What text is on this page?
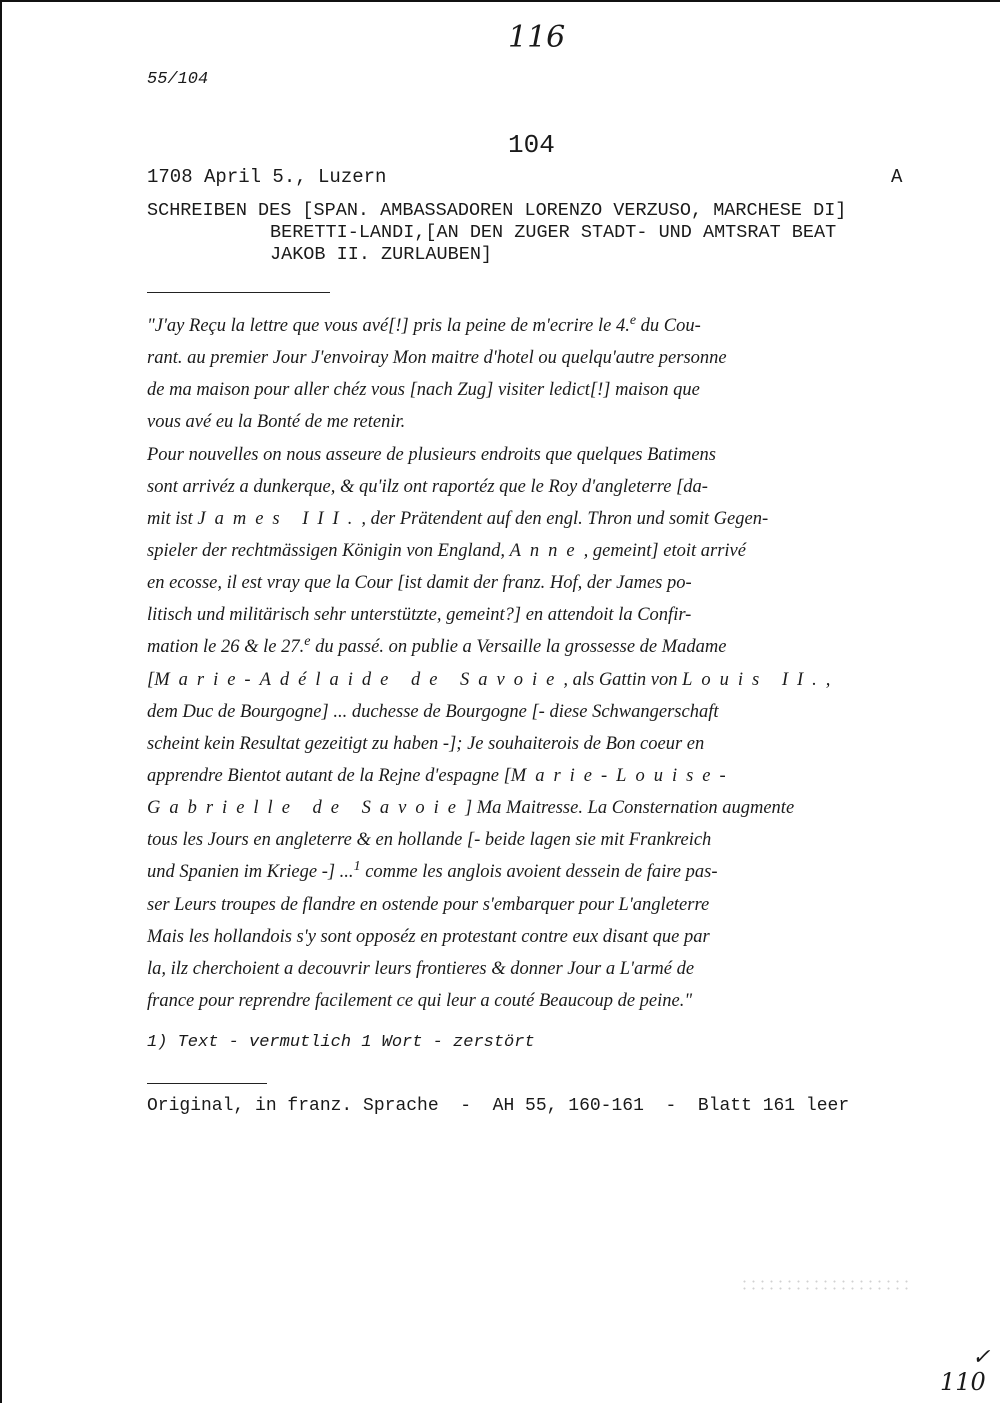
116
55/104
104
1708 April 5., Luzern	A
SCHREIBEN DES [SPAN. AMBASSADOREN LORENZO VERZUSO, MARCHESE DI]
BERETTI-LANDI,[AN DEN ZUGER STADT- UND AMTSRAT BEAT
JAKOB II. ZURLAUBEN]
"J'ay Reçu la lettre que vous avé[!] pris la peine de m'ecrire le 4.$^e$ du Cou-
rant. au premier Jour J'envoiray Mon maitre d'hotel ou quelqu'autre personne
de ma maison pour aller chéz vous [nach Zug] visiter ledict[!] maison que
vous avé eu la Bonté de me retenir.
Pour nouvelles on nous asseure de plusieurs endroits que quelques Batimens
sont arrivéz a dunkerque, & qu'ilz ont raportéz que le Roy d'angleterre [da-
mit ist James III., der Prätendent auf den engl. Thron und somit Gegen-
spieler der rechtmässigen Königin von England, Anne, gemeint] etoit arrivé
en ecosse, il est vray que la Cour [ist damit der franz. Hof, der James po-
litisch und militärisch sehr unterstützte, gemeint?] en attendoit la Confir-
mation le 26 & le 27.$^e$ du passé. on publie a Versaille la grossesse de Madame
[Marie-Adélaide de Savoie, als Gattin von Louis II.,
dem Duc de Bourgogne] ... duchesse de Bourgogne [- diese Schwangerschaft
scheint kein Resultat gezeitigt zu haben -]; Je souhaiterois de Bon coeur en
apprendre Bientot autant de la Rejne d'espagne [Marie-Louise-
Gabrielle de Savoie] Ma Maitresse. La Consternation augmente
tous les Jours en angleterre & en hollande [- beide lagen sie mit Frankreich
und Spanien im Kriege -] ...$^1$ comme les anglois avoient dessein de faire pas-
ser Leurs troupes de flandre en ostende pour s'embarquer pour L'angleterre
Mais les hollandois s'y sont opposéz en protestant contre eux disant que par
la, ilz cherchoient a decouvrir leurs frontieres & donner Jour a L'armé de
france pour reprendre facilement ce qui leur a couté Beaucoup de peine."
1) Text - vermutlich 1 Wort - zerstört
Original, in franz. Sprache  -  AH 55, 160-161  -  Blatt 161 leer
✓
110
